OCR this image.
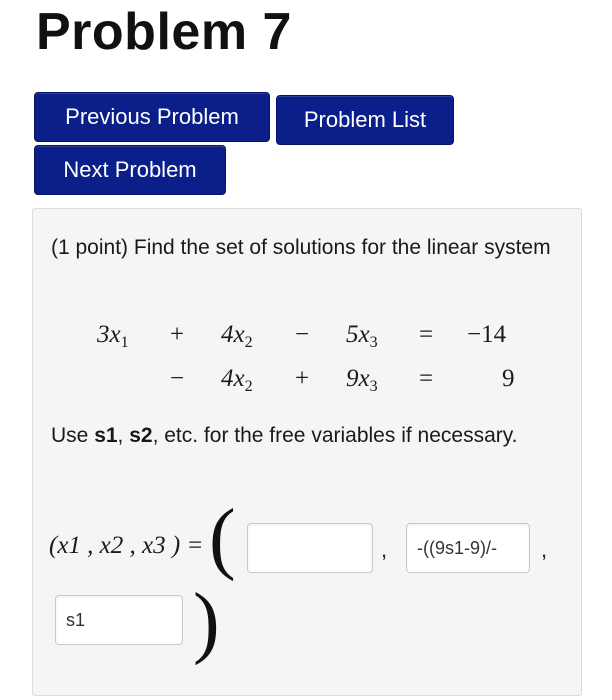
Problem 7
Previous Problem	Problem List
Next Problem
(1 point) Find the set of solutions for the linear system
$3x_1 + 4x_2 - 5x_3 = -14$
− $4x_2 + 9x_3$ =	9
Use s1, s2, etc. for the free variables if necessary.
(x1 , x2 , x3 ) = (	,	-((9s1-9)/-	,
s1	)
